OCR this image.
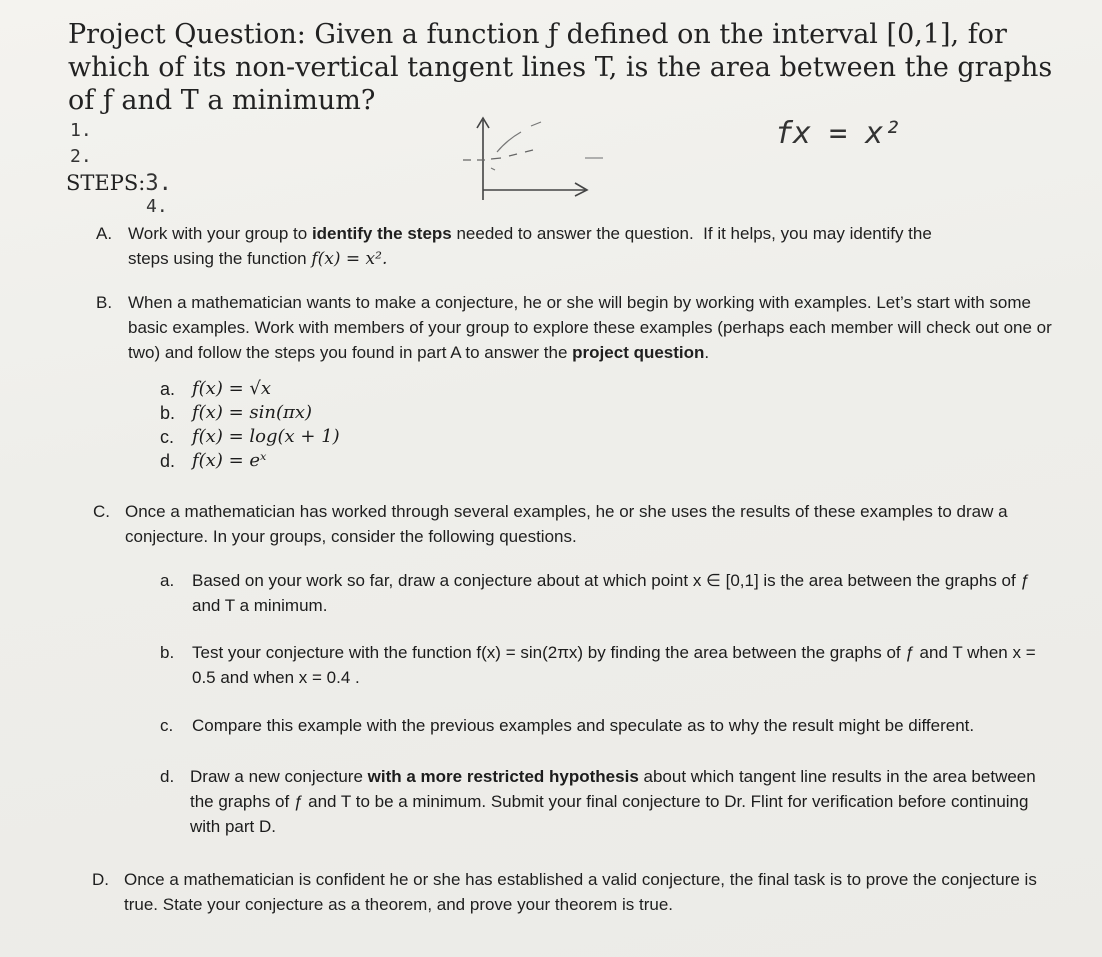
Project Question: Given a function ƒ defined on the interval [0,1], for which of its non-vertical tangent lines T, is the area between the graphs of ƒ and T a minimum?
1.
2.
STEPS:3.
4.
fx = x²
A. Work with your group to identify the steps needed to answer the question.  If it helps, you may identify the
steps using the function f(x) = x².
B. When a mathematician wants to make a conjecture, he or she will begin by working with examples. Let’s start with some basic examples. Work with members of your group to explore these examples (perhaps each member will check out one or two) and follow the steps you found in part A to answer the project question.
a. f(x) = √x
b. f(x) = sin(πx)
c. f(x) = log(x + 1)
d. f(x) = eˣ
C. Once a mathematician has worked through several examples, he or she uses the results of these examples to draw a conjecture. In your groups, consider the following questions.
a.	Based on your work so far, draw a conjecture about at which point x ∈ [0,1] is the area between the graphs of ƒ and T a minimum.
b.	Test your conjecture with the function f(x) = sin(2πx) by finding the area between the graphs of ƒ and T when x = 0.5 and when x = 0.4 .
c.	Compare this example with the previous examples and speculate as to why the result might be different.
d. Draw a new conjecture with a more restricted hypothesis about which tangent line results in the area between the graphs of ƒ and T to be a minimum. Submit your final conjecture to Dr. Flint for verification before continuing with part D.
D. Once a mathematician is confident he or she has established a valid conjecture, the final task is to prove the conjecture is true. State your conjecture as a theorem, and prove your theorem is true.
